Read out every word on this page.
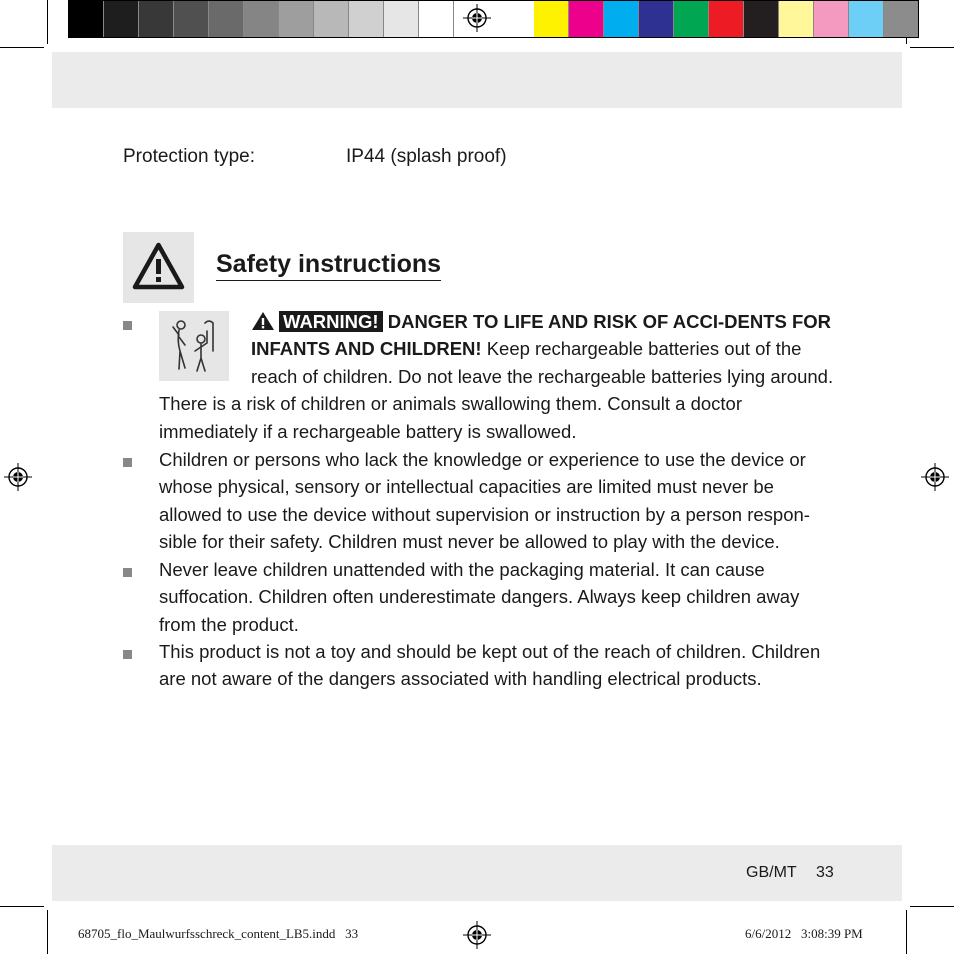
Protection type:	IP44 (splash proof)
Safety instructions
WARNING! DANGER TO LIFE AND RISK OF ACCI-DENTS FOR INFANTS AND CHILDREN! Keep rechargeable batteries out of the reach of children. Do not leave the rechargeable batteries lying around. There is a risk of children or animals swallowing them. Consult a doctor immediately if a rechargeable battery is swallowed.
Children or persons who lack the knowledge or experience to use the device or whose physical, sensory or intellectual capacities are limited must never be allowed to use the device without supervision or instruction by a person respon-sible for their safety. Children must never be allowed to play with the device.
Never leave children unattended with the packaging material. It can cause suffocation. Children often underestimate dangers. Always keep children away from the product.
This product is not a toy and should be kept out of the reach of children. Children are not aware of the dangers associated with handling electrical products.
GB/MT 33
68705_flo_Maulwurfsschreck_content_LB5.indd   33	6/6/2012   3:08:39 PM
